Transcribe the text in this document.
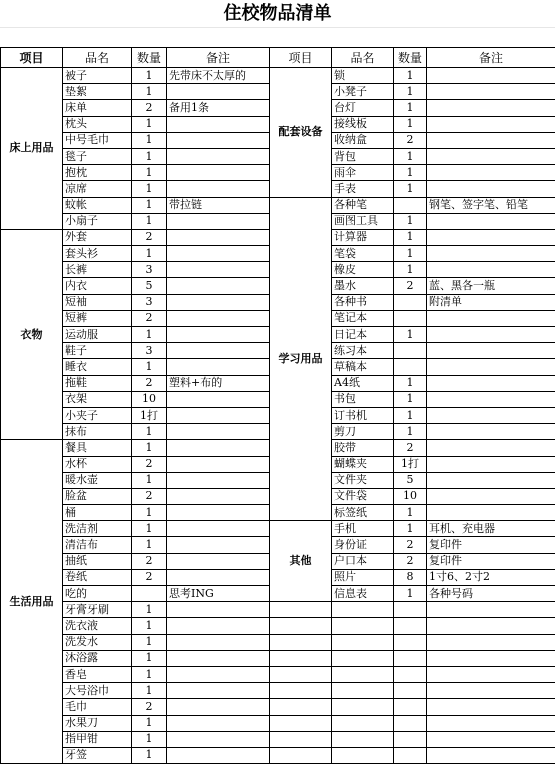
住校物品清单
项目	品名	数量	备注	项目	品名	数量	备注
床上用品	被子	1	先带床不太厚的	配套设备	锁	1	
	垫絮	1			小凳子	1	
	床单	2	备用1条		台灯	1	
	枕头	1			接线板	1	
	中号毛巾	1			收纳盒	2	
	毯子	1			背包	1	
	抱枕	1			雨伞	1	
	凉席	1			手表	1	
	蚊帐	1	带拉链	学习用品	各种笔		钢笔、签字笔、铅笔
	小扇子	1			画图工具	1	
衣物	外套	2			计算器	1	
	套头衫	1			笔袋	1	
	长裤	3			橡皮	1	
	内衣	5			墨水	2	蓝、黑各一瓶
	短袖	3			各种书		附清单
	短裤	2			笔记本		
	运动服	1			日记本	1	
	鞋子	3			练习本		
	睡衣	1			草稿本		
	拖鞋	2	塑料+布的		A4纸	1	
	衣架	10			书包	1	
	小夹子	1打			订书机	1	
	抹布	1			剪刀	1	
生活用品	餐具	1			胶带	2	
	水杯	2			蝴蝶夹	1打	
	暖水壶	1			文件夹	5	
	脸盆	2			文件袋	10	
	桶	1			标签纸	1	
	洗洁剂	1		其他	手机	1	耳机、充电器
	清洁布	1			身份证	2	复印件
	抽纸	2			户口本	2	复印件
	卷纸	2			照片	8	1寸6、2寸2
	吃的		思考ING		信息表	1	各种号码
	牙膏牙刷	1					
	洗衣液	1					
	洗发水	1					
	沐浴露	1					
	香皂	1					
	大号浴巾	1					
	毛巾	2					
	水果刀	1					
	指甲钳	1					
	牙签	1					
